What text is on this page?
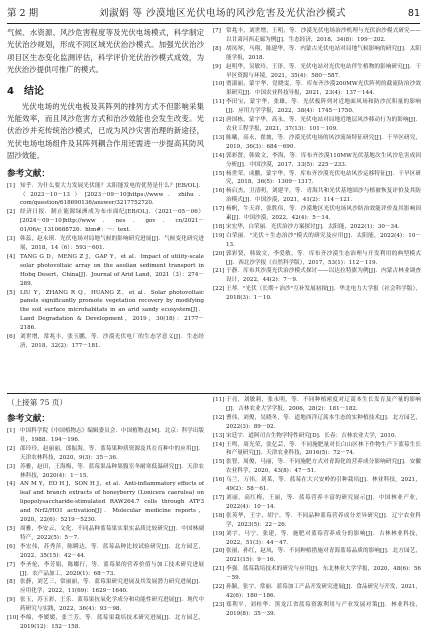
第 2 期	刘淑娟 等 沙漠地区光伏电场的风沙危害及光伏治沙模式	81

气候、水资源、风沙危害程度等及光伏电场模式，科学制定光伏治沙规划，形成不同区域光伏治沙模式。加强光伏治沙项目区生态变化监测评估，科学评价光伏治沙模式成效，为光伏治沙提供可推广的模式。

4 结论

光伏电场的光伏电板及其阵列的排列方式不但影响采集光能效率，而且风沙危害方式和治沙效能也会发生改变。光伏治沙并充传统治沙模式，已成为风沙灾害治理的新途径，光伏电场电场组件及其阵列耦合作用还需进一步提高其防风固沙效能。

参考文献：
[1] 知乎．为什么要大力发展光伏能？太阳能发电的优势是什么？[EB/OL]．（2023－10－13）[2023－09－10]https://www．zhihu．com/question/618690136/answer/3217752720．
[2] 经济日报．制止能源绿洲成为布市面纪[EB/OL]．（2021－05－06）[2024－09－10]http://www．nes．gov．cn/2021－01/06/c_1310688726．htm#：～：text．
[3] 韩蕊，赵永琪．光伏电场对局地气候的影响研究进展[J]．气候变化研究进展，2018，14（6）：593－601．
[4] TANG G D，MENG Z J，GAP Y，et al．Impact of utility-scale solar photovoltaic array on the aeolian sediment transport in Hobq Desert，China[J]．Journal of Arid Land，2021（3）：274－289．
[5] LIU Y，ZHANG R Q，HUANG Z，et al．Solar photovoltaic panels significantly promote vegetation recovery by modifying the soil surface microhabitats in an arid sandy ecosystem[J]．Land Degradation & Development，2019，30(18)：2177－2186．
[6] 刘世增，常兆丰，张玉鹏，等．沙漠光伏电厂的生态学意义[J]．生态经济，2018，32(2)：177－181．
[7] 常兆丰，刘世增，王明，等．沙漠光伏电场治沙机理与光伏治沙模式研究——以甘肃河西走廊为例[J]．生态经济，2018，34(8)：199－202．
[8] 胡凤琴，马翔，陈建华，等．内蒙古光伏电站对局地气候影响的研究[J]．太阳能学报，2018．
[9] 赵明华，吴敏玲，王泽，等．光伏电站对光伏电站伴生植物的影响研究[J]．干旱区资源与环境，2021，35(4)：580－587．
[10] 贾淑丽，蒙宇华，党晓雯，等．库布齐沙漠200MW光伏阵列的截流防治沙效果研究[J]．中国农业科技导报，2021，23(4)：137－144．
[11] 李田宝，蒙宇华，张雄，等．光伏板阵列对近地面风场和防沙沉积量的影响[J]．应用力学学报，2022，38(4)：1745－1750．
[12] 唐国栋，蒙宇华，高永，等．光伏电站对局地近地层风沙移动行为的影响[J]．农业工程学报，2021，37(13)：101－109．
[13] 陈曦，高永，翟坡，等．沙漠光伏电场的风沙流场特征研究[J]．干旱区研究，2019，36(3)：684－690．
[14] 郭彩贤，韩致文，李海，等．库布齐沙漠110MW光伏基地次生风沙危害成因分析[J]．中国沙漠，2017，33(5)：225－233．
[15] 杨世荣，成鹏，蒙宇华，等．库布齐沙漠光伏电站风沙运移特征[J]．干旱区研究，2018，36(5)：1309－1317．
[16] 杨启杰，卫清明，刘建平，等．青海共和光伏基地固沙与植被恢复评价及其防治模式[J]．中国沙漠，2021，41(2)：114－121．
[17] 杨帆，牛天祥，张胜伟，等．沙漠地区光伏电场风沙防治效能评价及其影响因素[J]．中国沙漠，2022，42(4)：5－14．
[18] 宋宏华，白荣丽．光伏治沙方案探讨[J]．太阳能，2022(1)：30－34．
[19] 白荣丽．"光伏＋生态治沙"模式的研究及应用[J]．太阳能，2022(4)：10－13．
[20] 郭彩贤，韩致文，李爱敏，等．库布齐沙漠生态治理与开发利用的典型模式[J]．西北沙学报（自然科学版），2017，53(1)：112－119．
[21] 于静．库布其沙漠光伏治沙模式探讨——以达拉特旗为例[J]．内蒙古林业调查设计，2022，44(2)：7－9．
[22] 王琴．"光伏（长期＋治沙"互补发展初探[J]．华北电力大学报（社会科学版），2018(3)：1－10．
（上接第 75 页）
参考文献：
[1] 中国科学院《中国植物志》编辑委员会．中国植物志[M]．北京：科学出版社，1988．194－196．
[2] 邵玲玲，赵丽丽，郎振海，等．蓝莓果种质资源及其在育种中的应用[J]．天津农林科技，2020，9(3)：35－36．
[3] 苏雅，赵田，王海梅，等．蓝莓果品种果腹室冬耐寒低温研究[J]．天津农林科技，2020(4)：1－15．
[4] AN M Y，EO H J，SON H J，et al．Anti-inflammatory effects of leaf and branch extracts of honeyberry (Lonicera caerulea) on lipopolysaccharide-stimulated RAW264.7 cells through ATF3 and Nrf2/HO1 activation[J]．Molecular medicine reports，2020，22(6)：5219－5230．
[5] 周雅，李安云，文化．不同品种蓝莓果实果实品质比较研究[J]．中国林副特产，2022(5)：5－7．
[6] 李宏伟，苏秀萍，陈瞬达，等．蓝莓品种比较试验研究[J]．北方园艺，2022，35(15)：42－44．
[7] 李圣伦，李芳娟，陈娜行，等．蓝莓果的营养价值与加工技术研究进展[J]．农产品加工，2020(1)：68－73．
[8] 张静，刘艺三，常丽丽，等．蓝莓果研究进展及其发展潜力研究进展[J]．应用化学，2022，11(69)：1629－1640．
[9] 张玉，苏玉彩，王乐．蓝莓果抗氧化学成分和功能性研究进展[J]．现代中药研究与实践，2022，36(4)：93－98．
[10] 李绵，李媛媛，张兰芳，等．蓝莓果栽培技术研究进展[J]．北方园艺，2019(12)：152－158．
[11] 于亮，刘敏莉，张永明，等．不同种植密度对辽蒿本生长发育及产量的影响[J]．吉林农业大学学报，2006，28(2)：181－182．
[12] 曹伟，刘俊，吴晓冬，等．道地西洋辽蒿本生态的实种植技术[J]．北方园艺，2022(3)：89－92．
[13] 宋廷宇．道阿司吉生物学特性研究[D]．长春：吉林农业大学，2010．
[14] 王鸣，周光荣，张亿芸，等．不同施肥量对长白山区林下作物生产下蓝莓生长和产量研究[J]．天津农业科技，2016(5)：72－74．
[15] 张智，周俊，马丽，等．不同施肥方式对青海化的营养成分影响研究[J]．安徽农业科学，2020，43(8)：47－51．
[16] 乌兰，万伟，刘某，等．蓝莓在大兴安岭的引种栽培[J]．林业科技，2021，49(2)：58－61．
[17] 刘丽，高红梅，王丽，等．蓝莓营养丰富的研究展示[J]．中国林业产业，2022(4)：10－14．
[18] 张英华，王宇，胡宁，等．不同品种蓝莓营养成分差异研究[J]．辽宁农业科学，2023(5)：22－26．
[19] 刘宇，马宁，张建，等．施肥对蓝莓营养成分的影响[J]．吉林林业科技，2022，51(3)：44－47．
[20] 张丽，孙红，赵凤，等．不同种植措施对青海蓝莓品质的影响[J]．北方园艺，2021(15)：9－16．
[21] 李强．蓝莓栽培技术的研究与应用[J]．东北林业大学学报，2020，48(6)：56－59．
[22] 孙颖，张宇，常丽．蓝莓加工产品开发研究进展[J]．食品研究与开发，2021，42(6)：180－186．
[23] 郑利平，刘桂华．黑龙江省蓝莓资源利用与产业发展对策[J]．林业科技，2019(8)：35－39．
